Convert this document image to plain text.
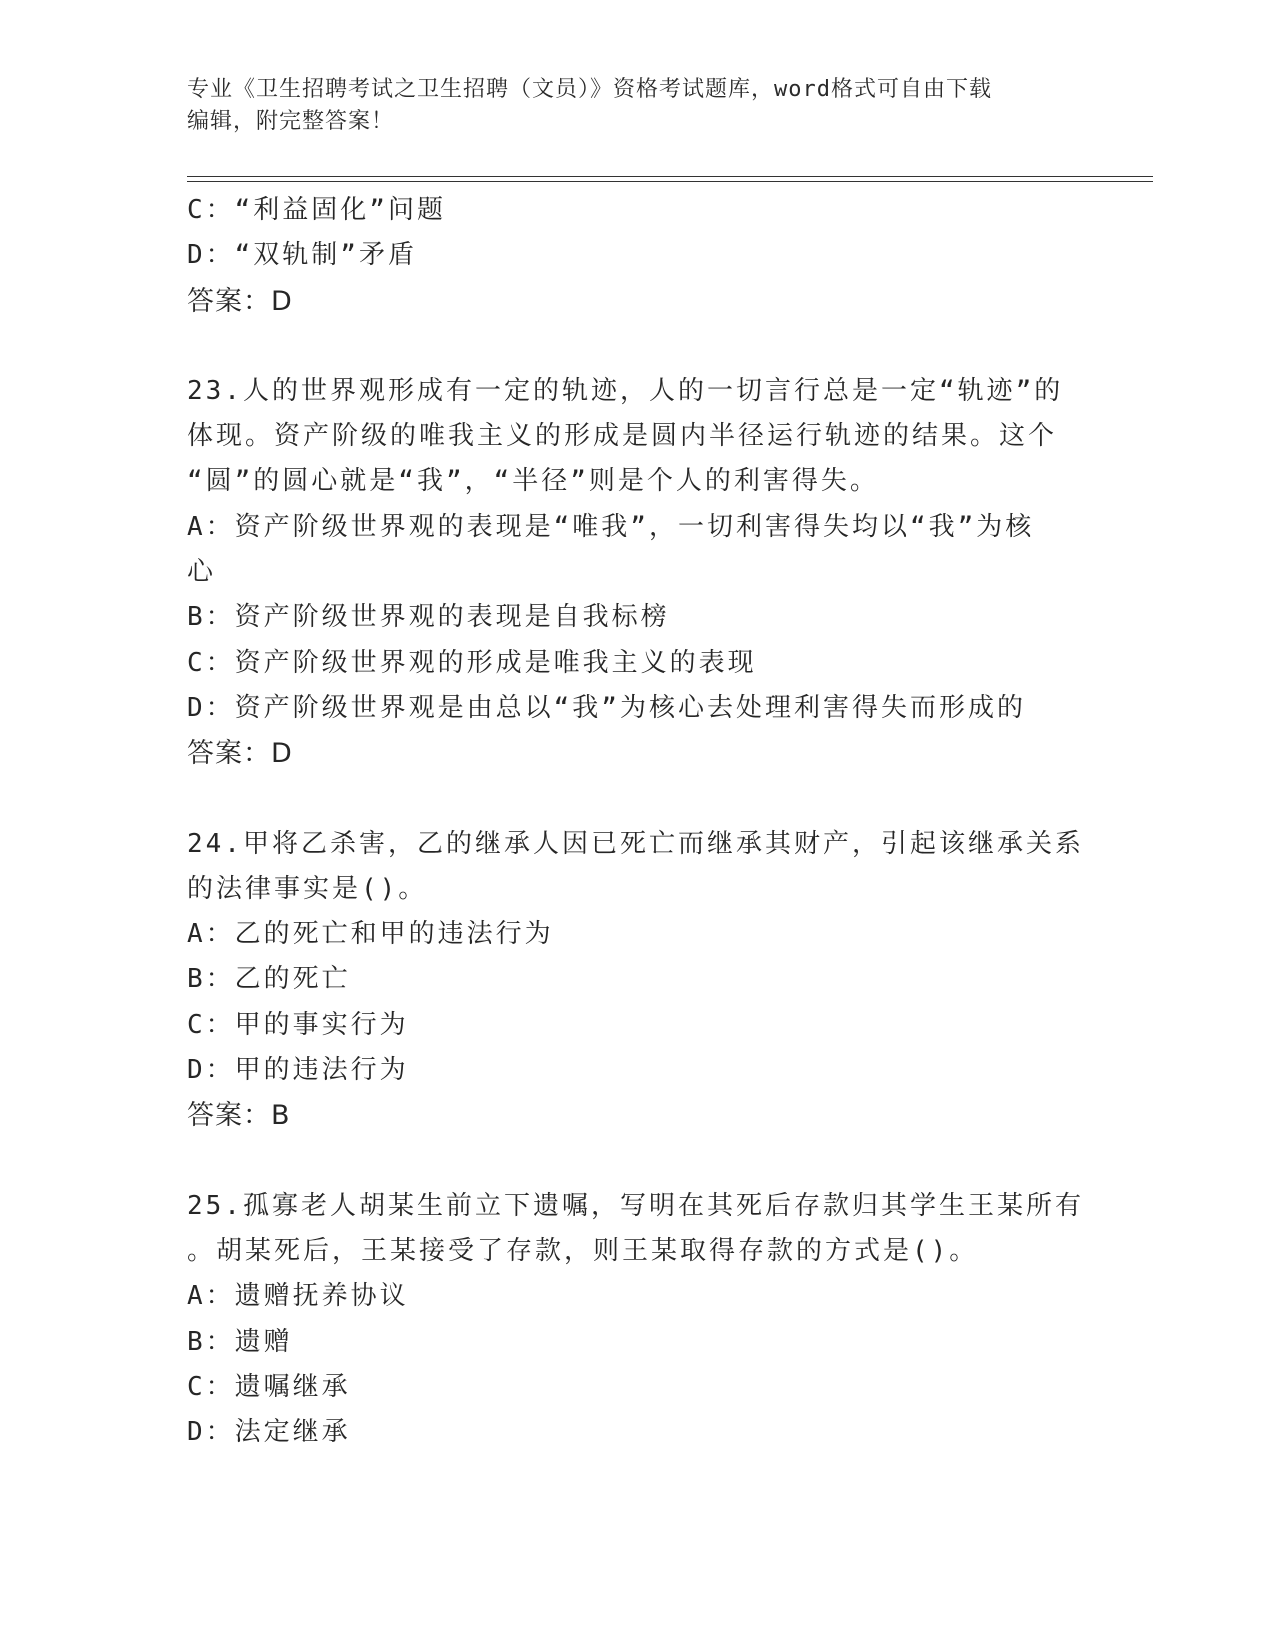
专业《卫生招聘考试之卫生招聘（文员）》资格考试题库，word格式可自由下载
编辑，附完整答案！
C：“利益固化”问题
D：“双轨制”矛盾
答案：D
23.人的世界观形成有一定的轨迹，人的一切言行总是一定“轨迹”的
体现。资产阶级的唯我主义的形成是圆内半径运行轨迹的结果。这个
“圆”的圆心就是“我”，“半径”则是个人的利害得失。
A：资产阶级世界观的表现是“唯我”，一切利害得失均以“我”为核
心
B：资产阶级世界观的表现是自我标榜
C：资产阶级世界观的形成是唯我主义的表现
D：资产阶级世界观是由总以“我”为核心去处理利害得失而形成的
答案：D
24.甲将乙杀害，乙的继承人因已死亡而继承其财产，引起该继承关系
的法律事实是()。
A：乙的死亡和甲的违法行为
B：乙的死亡
C：甲的事实行为
D：甲的违法行为
答案：B
25.孤寡老人胡某生前立下遗嘱，写明在其死后存款归其学生王某所有
。胡某死后，王某接受了存款，则王某取得存款的方式是()。
A：遗赠抚养协议
B：遗赠
C：遗嘱继承
D：法定继承
